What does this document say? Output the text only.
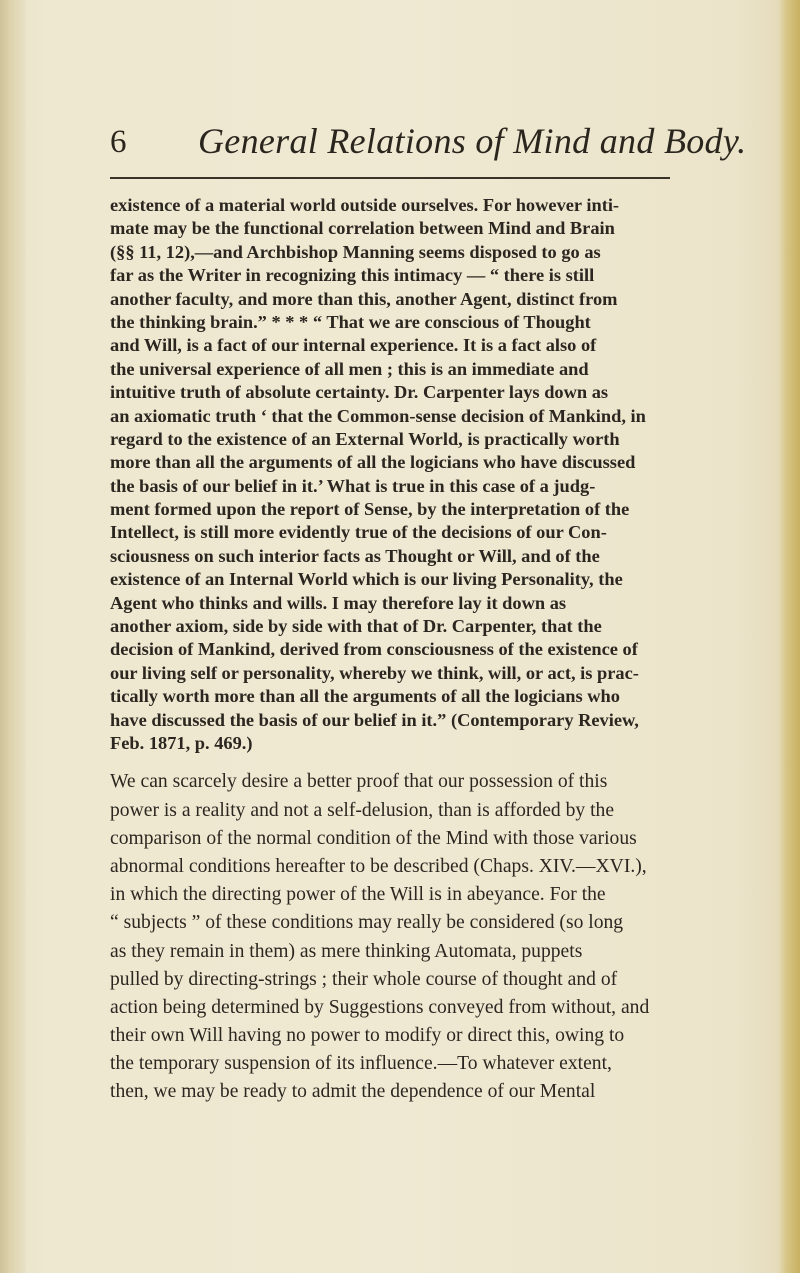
6 General Relations of Mind and Body.
existence of a material world outside ourselves. For however inti-
mate may be the functional correlation between Mind and Brain
(§§ 11, 12),—and Archbishop Manning seems disposed to go as
far as the Writer in recognizing this intimacy — “ there is still
another faculty, and more than this, another Agent, distinct from
the thinking brain.” * * * “ That we are conscious of Thought
and Will, is a fact of our internal experience. It is a fact also of
the universal experience of all men ; this is an immediate and
intuitive truth of absolute certainty. Dr. Carpenter lays down as
an axiomatic truth ‘ that the Common-sense decision of Mankind, in
regard to the existence of an External World, is practically worth
more than all the arguments of all the logicians who have discussed
the basis of our belief in it.’ What is true in this case of a judg-
ment formed upon the report of Sense, by the interpretation of the
Intellect, is still more evidently true of the decisions of our Con-
sciousness on such interior facts as Thought or Will, and of the
existence of an Internal World which is our living Personality, the
Agent who thinks and wills. I may therefore lay it down as
another axiom, side by side with that of Dr. Carpenter, that the
decision of Mankind, derived from consciousness of the existence of
our living self or personality, whereby we think, will, or act, is prac-
tically worth more than all the arguments of all the logicians who
have discussed the basis of our belief in it.” (Contemporary Review,
Feb. 1871, p. 469.)
We can scarcely desire a better proof that our possession of this
power is a reality and not a self-delusion, than is afforded by the
comparison of the normal condition of the Mind with those various
abnormal conditions hereafter to be described (Chaps. XIV.—XVI.),
in which the directing power of the Will is in abeyance. For the
“ subjects ” of these conditions may really be considered (so long
as they remain in them) as mere thinking Automata, puppets
pulled by directing-strings ; their whole course of thought and of
action being determined by Suggestions conveyed from without, and
their own Will having no power to modify or direct this, owing to
the temporary suspension of its influence.—To whatever extent,
then, we may be ready to admit the dependence of our Mental
